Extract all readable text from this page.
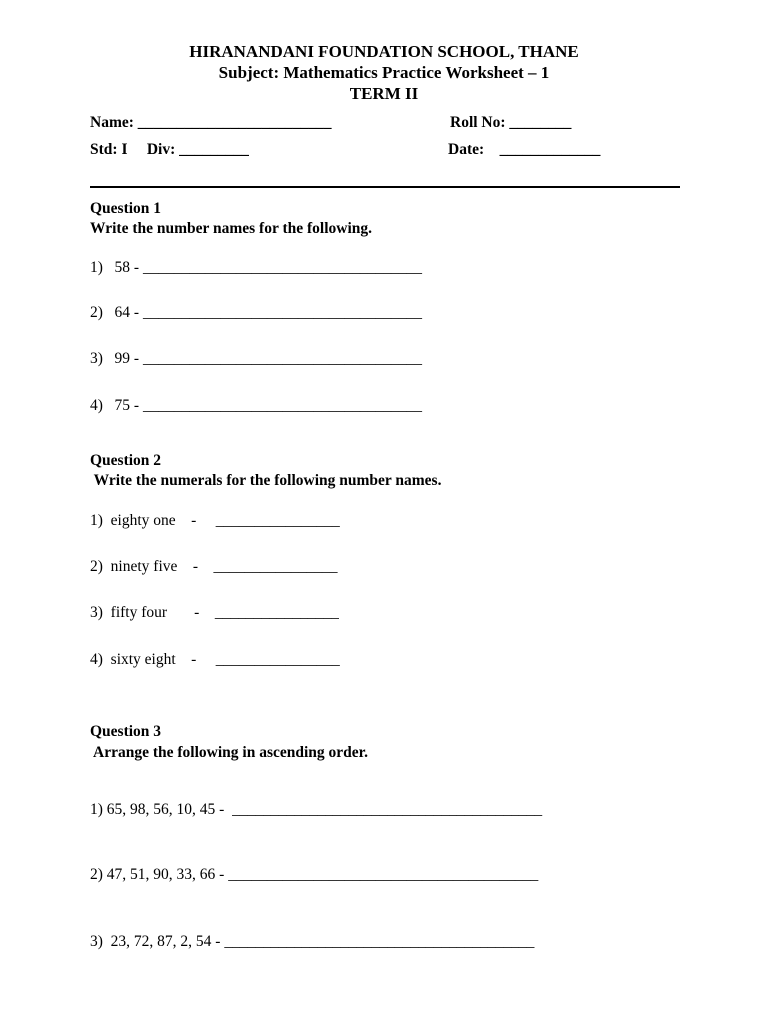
HIRANANDANI FOUNDATION SCHOOL, THANE
Subject: Mathematics Practice Worksheet – 1
TERM II
Name: _________________________	Roll No: ________
Std: I     Div: _________	Date:    _____________
Question 1
Write the number names for the following.
1)   58 - ____________________________________
2)   64 - ____________________________________
3)   99 - ____________________________________
4)   75 - ____________________________________
Question 2
Write the numerals for the following number names.
1)  eighty one    -     ________________
2)  ninety five    -    ________________
3)  fifty four       -    ________________
4)  sixty eight    -     ________________
Question 3
Arrange the following in ascending order.
1) 65, 98, 56, 10, 45 -  ________________________________________
2) 47, 51, 90, 33, 66 - ________________________________________
3)  23, 72, 87, 2, 54 - ________________________________________
